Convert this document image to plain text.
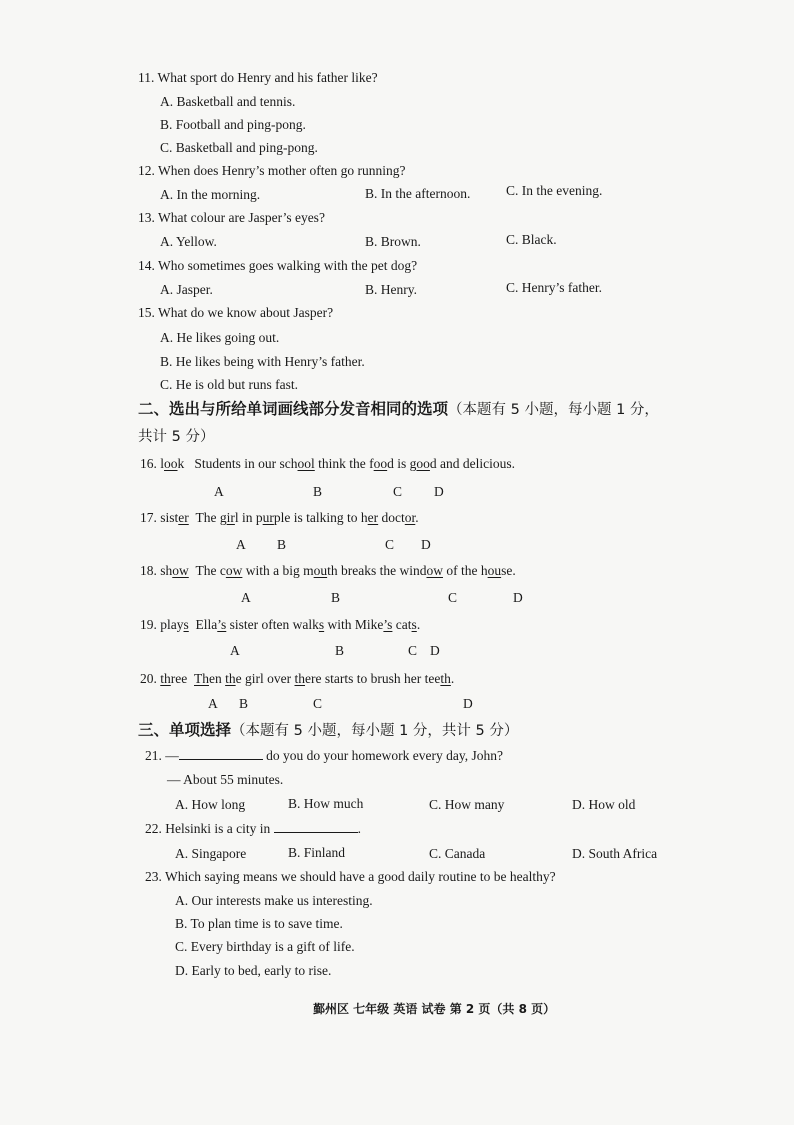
11. What sport do Henry and his father like?
A. Basketball and tennis.
B. Football and ping-pong.
C. Basketball and ping-pong.
12. When does Henry’s mother often go running?
A. In the morning.	B. In the afternoon.	C. In the evening.
13. What colour are Jasper’s eyes?
A. Yellow.	B. Brown.	C. Black.
14. Who sometimes goes walking with the pet dog?
A. Jasper.	B. Henry.	C. Henry’s father.
15. What do we know about Jasper?
A. He likes going out.
B. He likes being with Henry’s father.
C. He is old but runs fast.
二、选出与所给单词画线部分发音相同的选项（本题有 5 小题，每小题 1 分，
共计 5 分）
16. look Students in our school think the food is good and delicious.
A	B	C D
17. sister The girl in purple is talking to her doctor.
A B	C D
18. show The cow with a big mouth breaks the window of the house.
A	B	C	D
19. plays Ella’s sister often walks with Mike’s cats.
A	B	C D
20. three Then the girl over there starts to brush her teeth.
A B	C	D
三、单项选择（本题有 5 小题，每小题 1 分，共计 5 分）
21. —	do you do your homework every day, John?
— About 55 minutes.
A. How long	B. How much	C. How many	D. How old
22. Helsinki is a city in	.
A. Singapore	B. Finland	C. Canada	D. South Africa
23. Which saying means we should have a good daily routine to be healthy?
A. Our interests make us interesting.
B. To plan time is to save time.
C. Every birthday is a gift of life.
D. Early to bed, early to rise.
鄞州区 七年级 英语 试卷 第 2 页（共 8 页）
